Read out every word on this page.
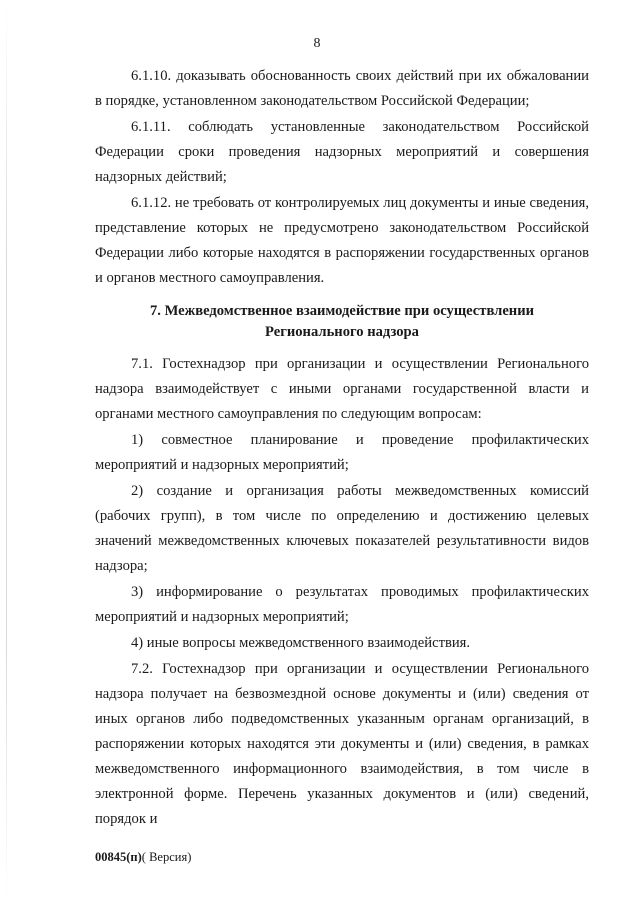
8

6.1.10. доказывать обоснованность своих действий при их обжаловании в порядке, установленном законодательством Российской Федерации;

6.1.11. соблюдать установленные законодательством Российской Федерации сроки проведения надзорных мероприятий и совершения надзорных действий;

6.1.12. не требовать от контролируемых лиц документы и иные сведения, представление которых не предусмотрено законодательством Российской Федерации либо которые находятся в распоряжении государственных органов и органов местного самоуправления.

7. Межведомственное взаимодействие при осуществлении
Регионального надзора

7.1. Гостехнадзор при организации и осуществлении Регионального надзора взаимодействует с иными органами государственной власти и органами местного самоуправления по следующим вопросам:

1) совместное планирование и проведение профилактических мероприятий и надзорных мероприятий;

2) создание и организация работы межведомственных комиссий (рабочих групп), в том числе по определению и достижению целевых значений межведомственных ключевых показателей результативности видов надзора;

3) информирование о результатах проводимых профилактических мероприятий и надзорных мероприятий;

4) иные вопросы межведомственного взаимодействия.

7.2. Гостехнадзор при организации и осуществлении Регионального надзора получает на безвозмездной основе документы и (или) сведения от иных органов либо подведомственных указанным органам организаций, в распоряжении которых находятся эти документы и (или) сведения, в рамках межведомственного информационного взаимодействия, в том числе в электронной форме. Перечень указанных документов и (или) сведений, порядок и

00845(п)( Версия)
